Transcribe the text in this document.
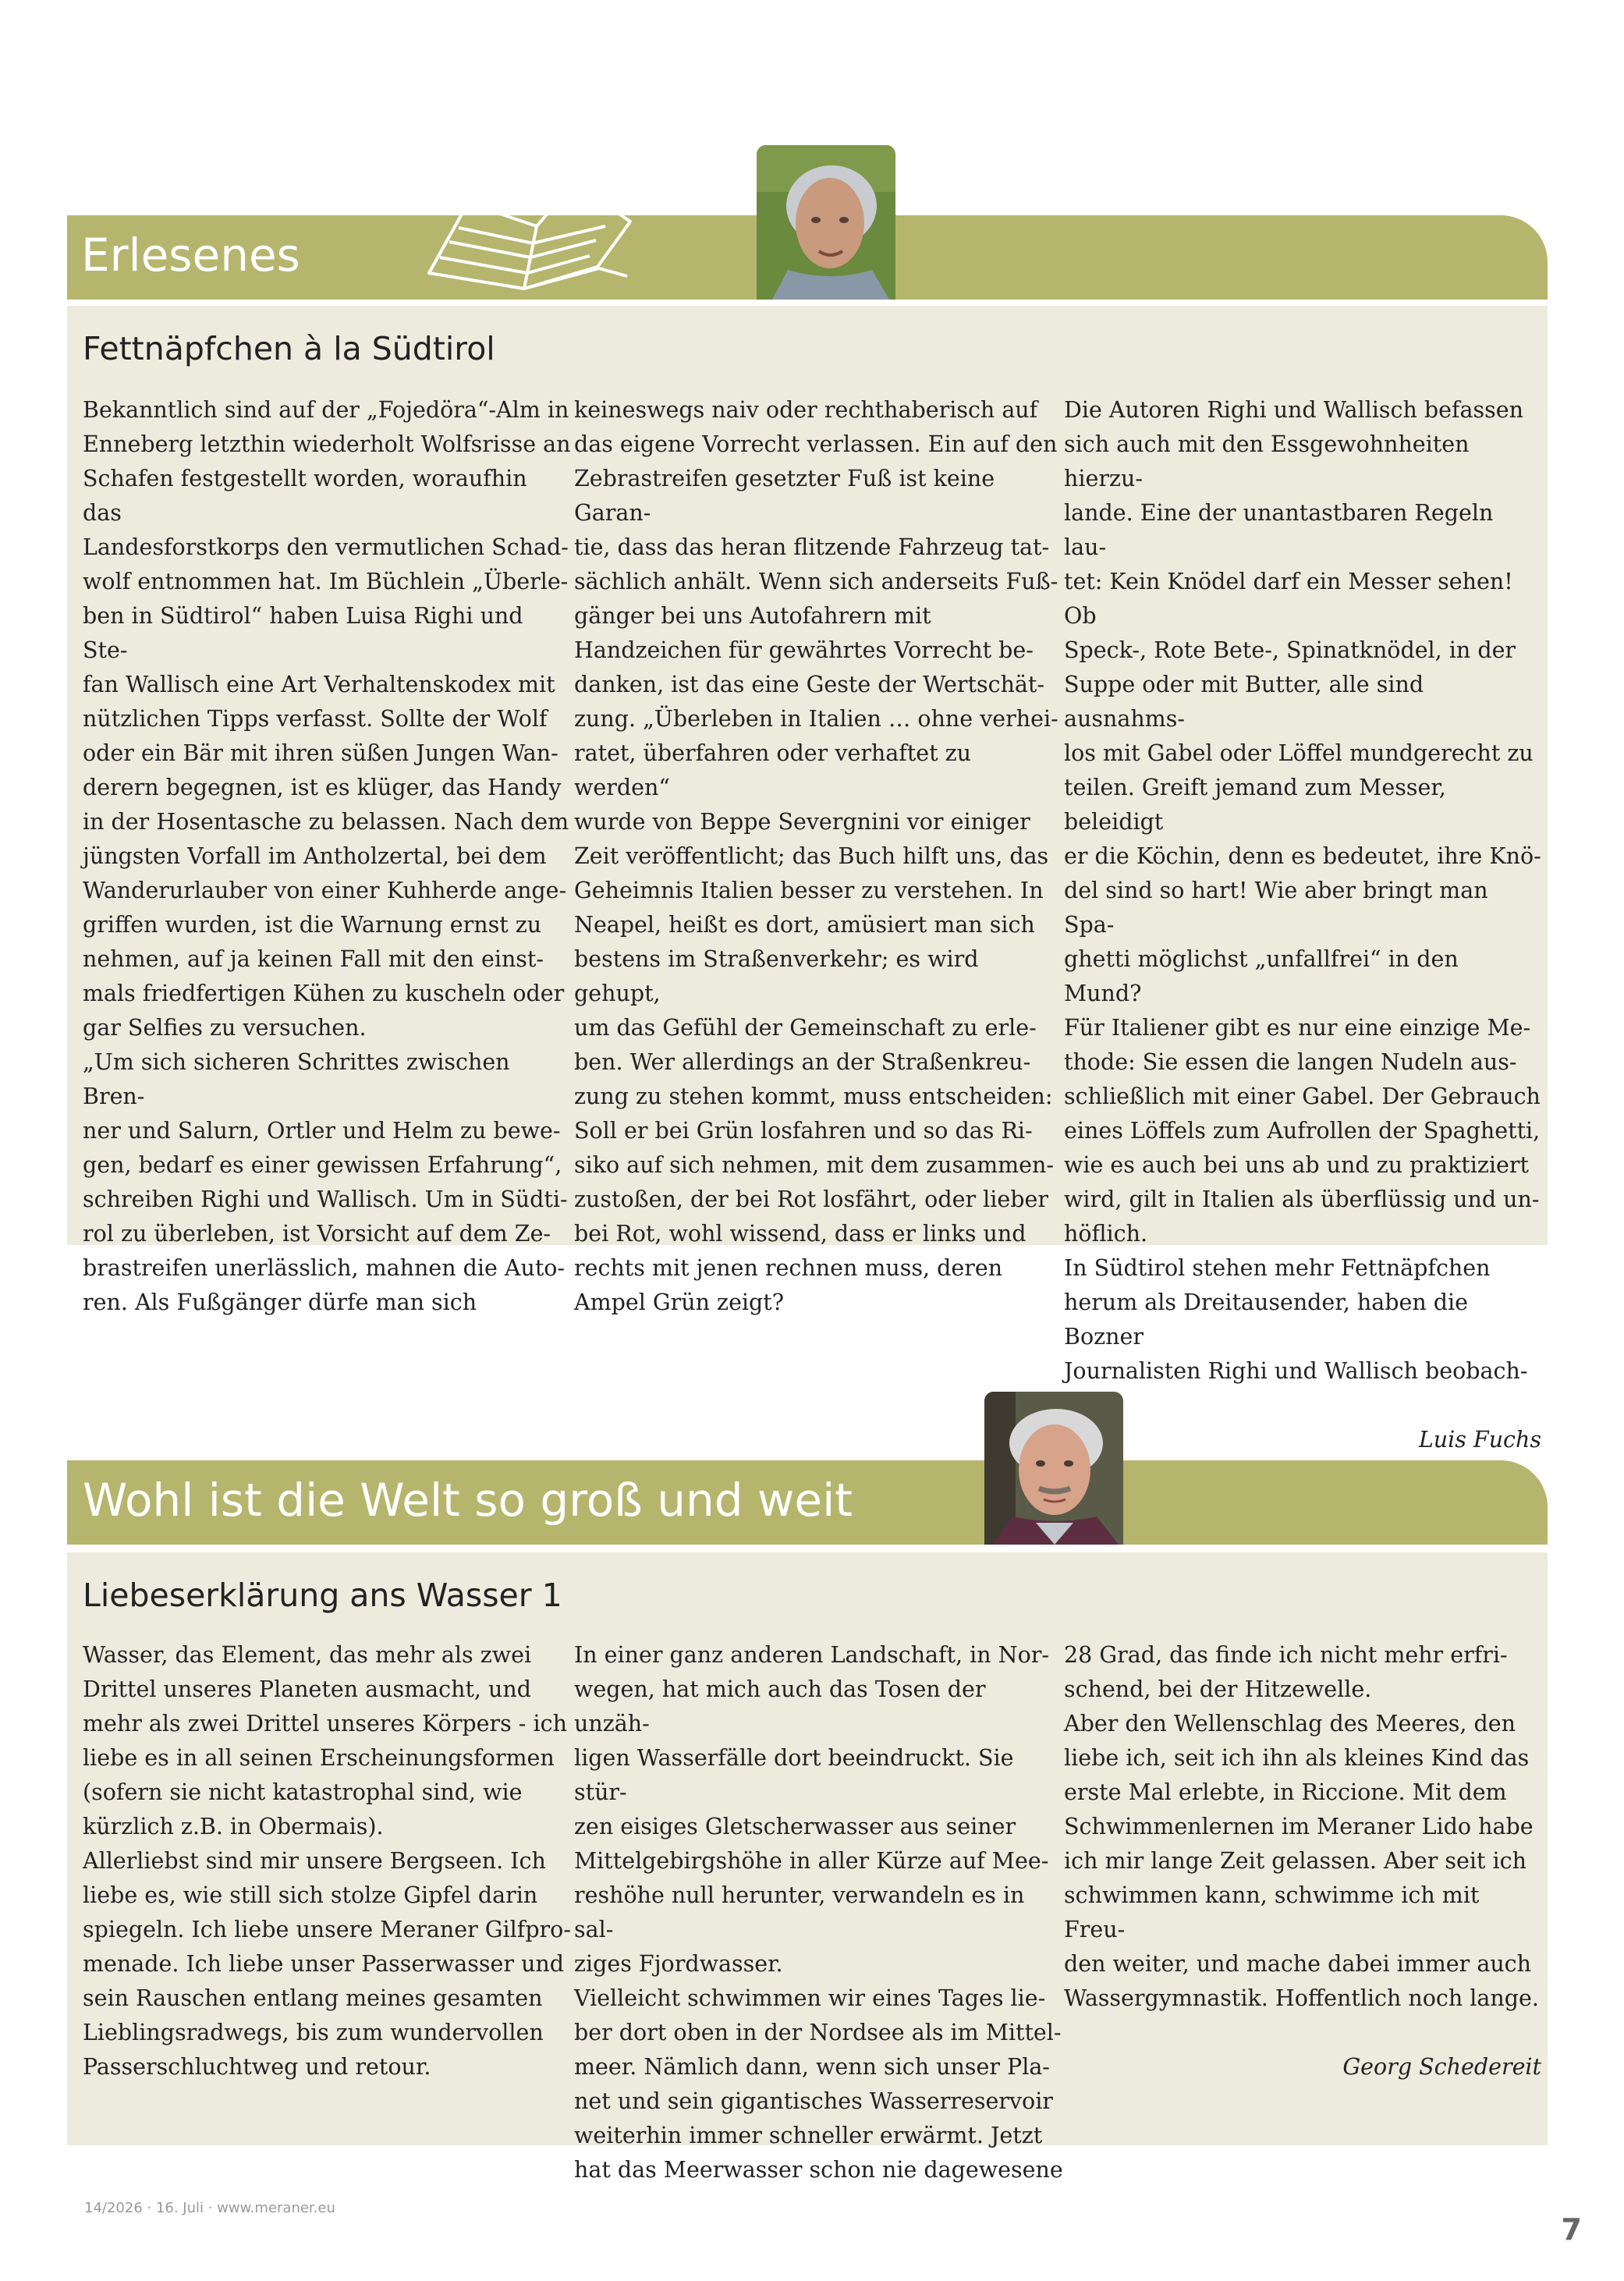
Erlesenes
Fettnäpfchen à la Südtirol

Bekanntlich sind auf der „Fojedöra“-Alm in

Enneberg letzthin wiederholt Wolfsrisse an

Schafen festgestellt worden, woraufhin das

Landesforstkorps den vermutlichen Schad-

wolf entnommen hat. Im Büchlein „Überle-

ben in Südtirol“ haben Luisa Righi und Ste-

fan Wallisch eine Art Verhaltenskodex mit

nützlichen Tipps verfasst. Sollte der Wolf

oder ein Bär mit ihren süßen Jungen Wan-

derern begegnen, ist es klüger, das Handy

in der Hosentasche zu belassen. Nach dem

jüngsten Vorfall im Antholzertal, bei dem

Wanderurlauber von einer Kuhherde ange-

griffen wurden, ist die Warnung ernst zu

nehmen, auf ja keinen Fall mit den einst-

mals friedfertigen Kühen zu kuscheln oder

gar Selfies zu versuchen.

„Um sich sicheren Schrittes zwischen Bren-

ner und Salurn, Ortler und Helm zu bewe-

gen, bedarf es einer gewissen Erfahrung“,

schreiben Righi und Wallisch. Um in Südti-

rol zu überleben, ist Vorsicht auf dem Ze-

brastreifen unerlässlich, mahnen die Auto-

ren. Als Fußgänger dürfe man sich

keineswegs naiv oder rechthaberisch auf

das eigene Vorrecht verlassen. Ein auf den

Zebrastreifen gesetzter Fuß ist keine Garan-

tie, dass das heran flitzende Fahrzeug tat-

sächlich anhält. Wenn sich anderseits Fuß-

gänger bei uns Autofahrern mit

Handzeichen für gewährtes Vorrecht be-

danken, ist das eine Geste der Wertschät-

zung. „Überleben in Italien … ohne verhei-

ratet, überfahren oder verhaftet zu werden“

wurde von Beppe Severgnini vor einiger

Zeit veröffentlicht; das Buch hilft uns, das

Geheimnis Italien besser zu verstehen. In

Neapel, heißt es dort, amüsiert man sich

bestens im Straßenverkehr; es wird gehupt,

um das Gefühl der Gemeinschaft zu erle-

ben. Wer allerdings an der Straßenkreu-

zung zu stehen kommt, muss entscheiden:

Soll er bei Grün losfahren und so das Ri-

siko auf sich nehmen, mit dem zusammen-

zustoßen, der bei Rot losfährt, oder lieber

bei Rot, wohl wissend, dass er links und

rechts mit jenen rechnen muss, deren

Ampel Grün zeigt?

Die Autoren Righi und Wallisch befassen

sich auch mit den Essgewohnheiten hierzu-

lande. Eine der unantastbaren Regeln lau-

tet: Kein Knödel darf ein Messer sehen! Ob

Speck-, Rote Bete-, Spinatknödel, in der

Suppe oder mit Butter, alle sind ausnahms-

los mit Gabel oder Löffel mundgerecht zu

teilen. Greift jemand zum Messer, beleidigt

er die Köchin, denn es bedeutet, ihre Knö-

del sind so hart! Wie aber bringt man Spa-

ghetti möglichst „unfallfrei“ in den Mund?

Für Italiener gibt es nur eine einzige Me-

thode: Sie essen die langen Nudeln aus-

schließlich mit einer Gabel. Der Gebrauch

eines Löffels zum Aufrollen der Spaghetti,

wie es auch bei uns ab und zu praktiziert

wird, gilt in Italien als überflüssig und un-

höflich.

In Südtirol stehen mehr Fettnäpfchen

herum als Dreitausender, haben die Bozner

Journalisten Righi und Wallisch beobach-

Luis Fuchs

Wohl ist die Welt so groß und weit
Liebeserklärung ans Wasser 1

Wasser, das Element, das mehr als zwei

Drittel unseres Planeten ausmacht, und

mehr als zwei Drittel unseres Körpers - ich

liebe es in all seinen Erscheinungsformen

(sofern sie nicht katastrophal sind, wie

kürzlich z.B. in Obermais).

Allerliebst sind mir unsere Bergseen. Ich

liebe es, wie still sich stolze Gipfel darin

spiegeln. Ich liebe unsere Meraner Gilfpro-

menade. Ich liebe unser Passerwasser und

sein Rauschen entlang meines gesamten

Lieblingsradwegs, bis zum wundervollen

Passerschluchtweg und retour.

In einer ganz anderen Landschaft, in Nor-

wegen, hat mich auch das Tosen der unzäh-

ligen Wasserfälle dort beeindruckt. Sie stür-

zen eisiges Gletscherwasser aus seiner

Mittelgebirgshöhe in aller Kürze auf Mee-

reshöhe null herunter, verwandeln es in sal-

ziges Fjordwasser.

Vielleicht schwimmen wir eines Tages lie-

ber dort oben in der Nordsee als im Mittel-

meer. Nämlich dann, wenn sich unser Pla-

net und sein gigantisches Wasserreservoir

weiterhin immer schneller erwärmt. Jetzt

hat das Meerwasser schon nie dagewesene

28 Grad, das finde ich nicht mehr erfri-

schend, bei der Hitzewelle.

Aber den Wellenschlag des Meeres, den

liebe ich, seit ich ihn als kleines Kind das

erste Mal erlebte, in Riccione. Mit dem

Schwimmenlernen im Meraner Lido habe

ich mir lange Zeit gelassen. Aber seit ich

schwimmen kann, schwimme ich mit Freu-

den weiter, und mache dabei immer auch

Wassergymnastik. Hoffentlich noch lange.

Georg Schedereit

14/2026 · 16. Juli · www.meraner.eu
7
